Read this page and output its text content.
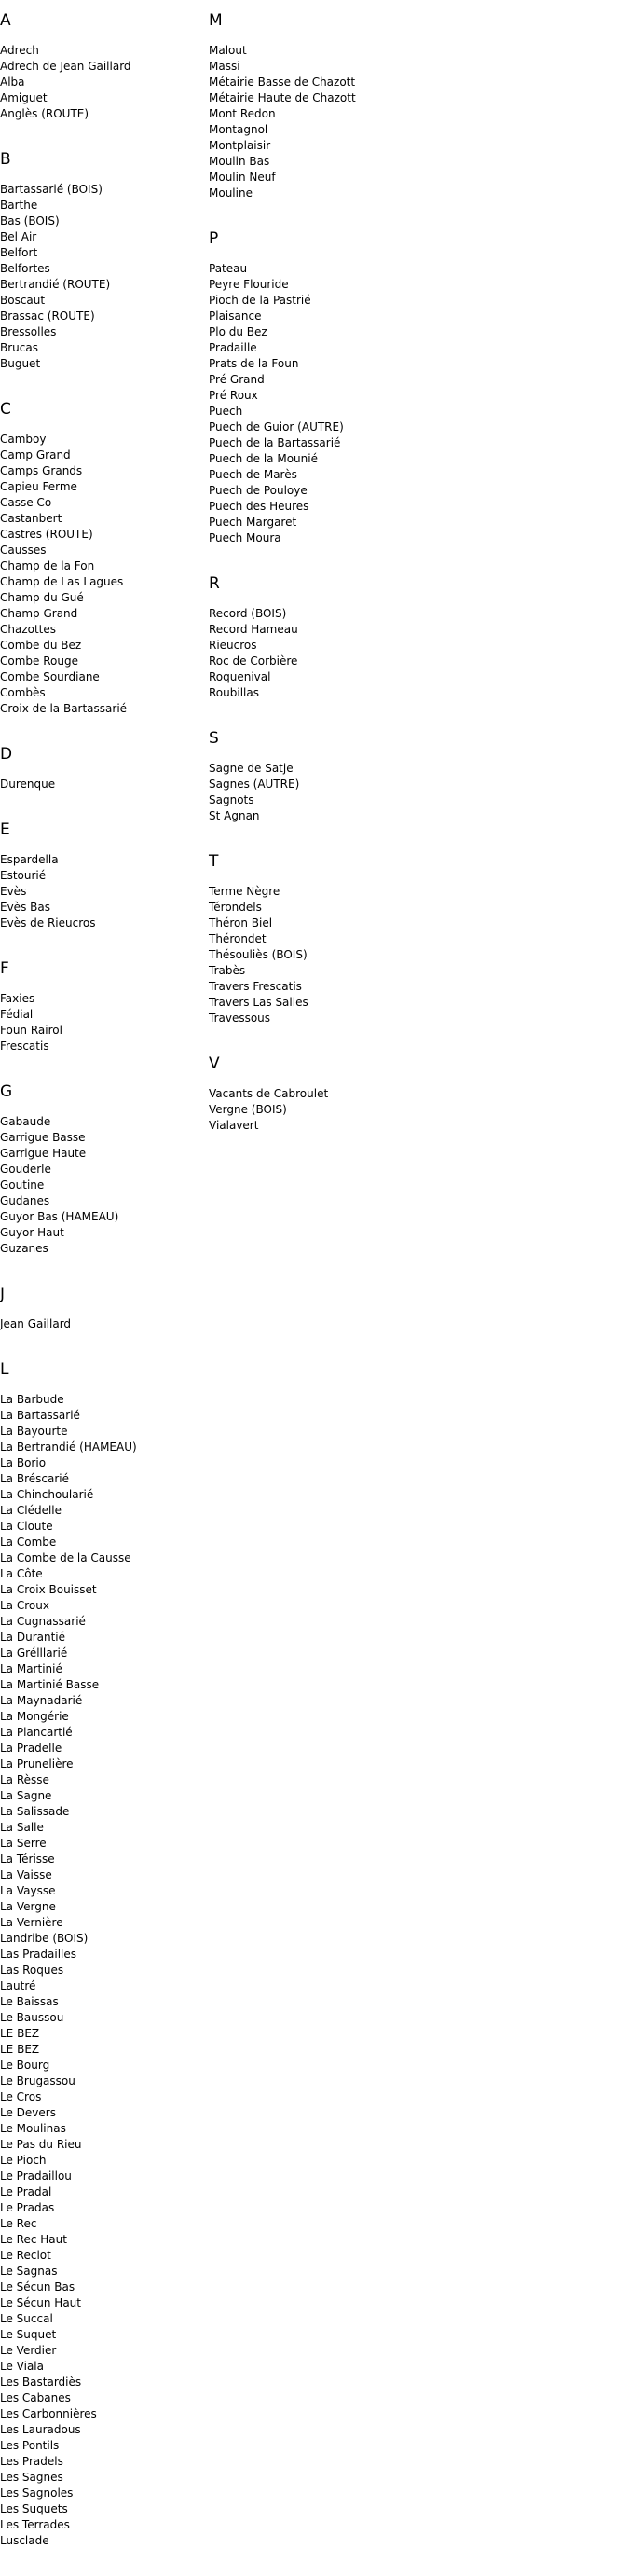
A
Adrech
Adrech de Jean Gaillard
Alba
Amiguet
Anglès (ROUTE)
B
Bartassarié (BOIS)
Barthe
Bas (BOIS)
Bel Air
Belfort
Belfortes
Bertrandié (ROUTE)
Boscaut
Brassac (ROUTE)
Bressolles
Brucas
Buguet
C
Camboy
Camp Grand
Camps Grands
Capieu Ferme
Casse Co
Castanbert
Castres (ROUTE)
Causses
Champ de la Fon
Champ de Las Lagues
Champ du Gué
Champ Grand
Chazottes
Combe du Bez
Combe Rouge
Combe Sourdiane
Combès
Croix de la Bartassarié
D
Durenque
E
Espardella
Estourié
Evès
Evès Bas
Evès de Rieucros
F
Faxies
Fédial
Foun Rairol
Frescatis
G
Gabaude
Garrigue Basse
Garrigue Haute
Gouderle
Goutine
Gudanes
Guyor Bas (HAMEAU)
Guyor Haut
Guzanes
J
Jean Gaillard
L
La Barbude
La Bartassarié
La Bayourte
La Bertrandié (HAMEAU)
La Borio
La Bréscarié
La Chinchoularié
La Clédelle
La Cloute
La Combe
La Combe de la Causse
La Côte
La Croix Bouisset
La Croux
La Cugnassarié
La Durantié
La Grélllarié
La Martinié
La Martinié Basse
La Maynadarié
La Mongérie
La Plancartié
La Pradelle
La Prunelière
La Rèsse
La Sagne
La Salissade
La Salle
La Serre
La Térisse
La Vaisse
La Vaysse
La Vergne
La Vernière
Landribe (BOIS)
Las Pradailles
Las Roques
Lautré
Le Baissas
Le Baussou
LE BEZ
LE BEZ
Le Bourg
Le Brugassou
Le Cros
Le Devers
Le Moulinas
Le Pas du Rieu
Le Pioch
Le Pradaillou
Le Pradal
Le Pradas
Le Rec
Le Rec Haut
Le Reclot
Le Sagnas
Le Sécun Bas
Le Sécun Haut
Le Succal
Le Suquet
Le Verdier
Le Viala
Les Bastardiès
Les Cabanes
Les Carbonnières
Les Lauradous
Les Pontils
Les Pradels
Les Sagnes
Les Sagnoles
Les Suquets
Les Terrades
Lusclade
M
Malout
Massi
Métairie Basse de Chazott
Métairie Haute de Chazott
Mont Redon
Montagnol
Montplaisir
Moulin Bas
Moulin Neuf
Mouline
P
Pateau
Peyre Flouride
Pioch de la Pastrié
Plaisance
Plo du Bez
Pradaille
Prats de la Foun
Pré Grand
Pré Roux
Puech
Puech de Guior (AUTRE)
Puech de la Bartassarié
Puech de la Mounié
Puech de Marès
Puech de Pouloye
Puech des Heures
Puech Margaret
Puech Moura
R
Record (BOIS)
Record Hameau
Rieucros
Roc de Corbière
Roquenival
Roubillas
S
Sagne de Satje
Sagnes (AUTRE)
Sagnots
St Agnan
T
Terme Nègre
Térondels
Théron Biel
Thérondet
Thésouliès (BOIS)
Trabès
Travers Frescatis
Travers Las Salles
Travessous
V
Vacants de Cabroulet
Vergne (BOIS)
Vialavert
